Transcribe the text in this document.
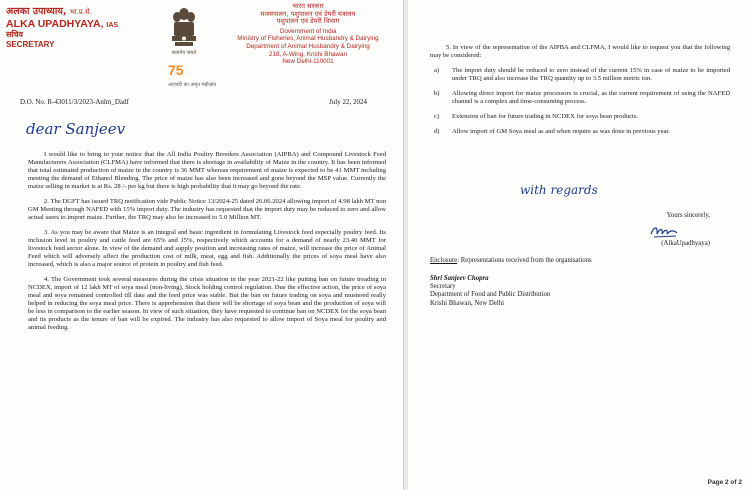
अलका उपाध्याय, भा.प्र.से.
ALKA UPADHYAYA, IAS
सचिव
SECRETARY
सत्यमेव जयते
75
आज़ादी का अमृत महोत्सव
भारत सरकार
मत्स्यपालन, पशुपालन एवं डेयरी मंत्रालय
पशुपालन एवं डेयरी विभाग
Government of India
Ministry of Fisheries, Animal Husbandry & Dairying
Department of Animal Husbandry & Dairying
218, A-Wing, Krishi Bhawan
New Delhi-110001
D.O. No. R-43011/3/2023-Anlm_Dadf	July 22, 2024
dear Sanjeev

I would like to bring to your notice that the All India Poultry Breeders Association (AIPBA) and Compound Livestock Feed Manufacturers Association (CLFMA) have informed that there is shortage in availability of Maize in the country. It has been informed that total estimated production of maize in the country is 36 MMT whereas requirement of maize is expected to be 41 MMT including meeting the demand of Ethanol Blending. The price of maize has also been increased and gone beyond the MSP value. Currently the maize selling in market is at Rs. 28 /- per kg but there is high probability that it may go beyond the rate.

2. The DGFT has issued TRQ notification vide Public Notice 13/2024-25 dated 26.06.2024 allowing import of 4.98 lakh MT non GM Meeting through NAFED with 15% import duty. The industry has requested that the import duty may be reduced to zero and allow actual users to import maize. Further, the TRQ may also be increased to 5.0 Million MT.

3. As you may be aware that Maize is an integral and basic ingredient in formulating Livestock feed especially poultry feed. Its inclusion level in poultry and cattle feed are 65% and 15%, respectively which accounts for a demand of nearly 23.40 MMT for livestock feed sector alone. In view of the demand and supply position and increasing rates of maize, will increase the price of Animal Feed which will adversely affect the production cost of milk, meat, egg and fish. Additionally the prices of soya meal have also increased, which is also a major source of protein in poultry and fish feed.

4. The Government took several measures during the crisis situation in the year 2021-22 like putting ban on future treading in NCDEX, import of 12 lakh MT of soya meal (non-living), Stock holding control regulation. Due the effective action, the price of soya meal and soya remained controlled till date and the feed price was stable. But the ban on future trading on soya and mustered really helped in reducing the soya meal price. There is apprehension that there will be shortage of soya bean and the production of soya will be less in comparison to the earlier season. In view of such situation, they have requested to continue ban on NCDEX for the soya bean and its products as the tenure of ban will be expired. The industry has also requested to allow import of Soya meal for poultry and animal feeding.

5. In view of the representation of the AIPBA and CLFMA, I would like to request you that the following may be considered:

a) The import duty should be reduced to zero instead of the current 15% in case of maize to be imported under TRQ and also increase the TRQ quantity up to 3.5 million metric ton.
b) Allowing direct import for maize processors is crucial, as the current requirement of using the NAFED channel is a complex and time-consuming process.
c) Extension of ban for future trading in NCDEX for soya bean products.
d) Allow import of GM Soya meal as and when require as was done in previous year.
with regards
Yours sincerely,
(AlkaUpadhyaya)
Enclosure: Representations received from the organisations
Shri Sanjeev Chopra
Secretary
Department of Food and Public Distribution
Krishi Bhawan, New Delhi
Page 2 of 2
